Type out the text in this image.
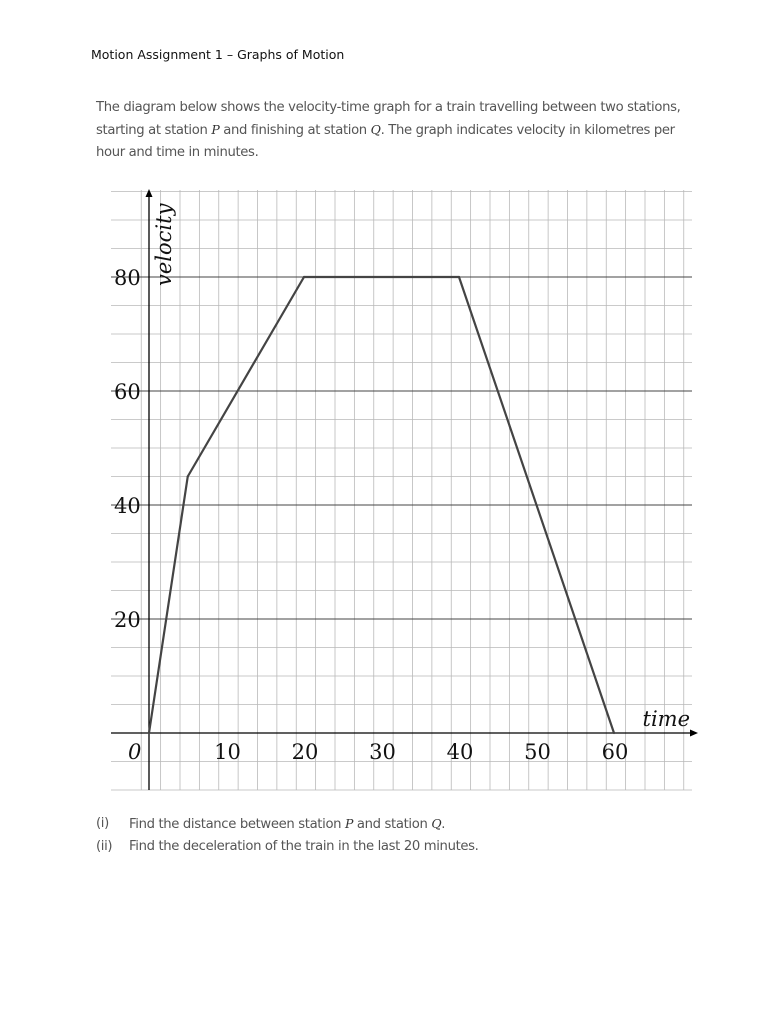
Motion Assignment 1 – Graphs of Motion
The diagram below shows the velocity-time graph for a train travelling between two stations,
starting at station P and finishing at station Q. The graph indicates velocity in kilometres per
hour and time in minutes.
20
40
60
80
10 20 30 40 50 60
0
time
velocity
(i)	Find the distance between station P and station Q.
(ii)	Find the deceleration of the train in the last 20 minutes.
